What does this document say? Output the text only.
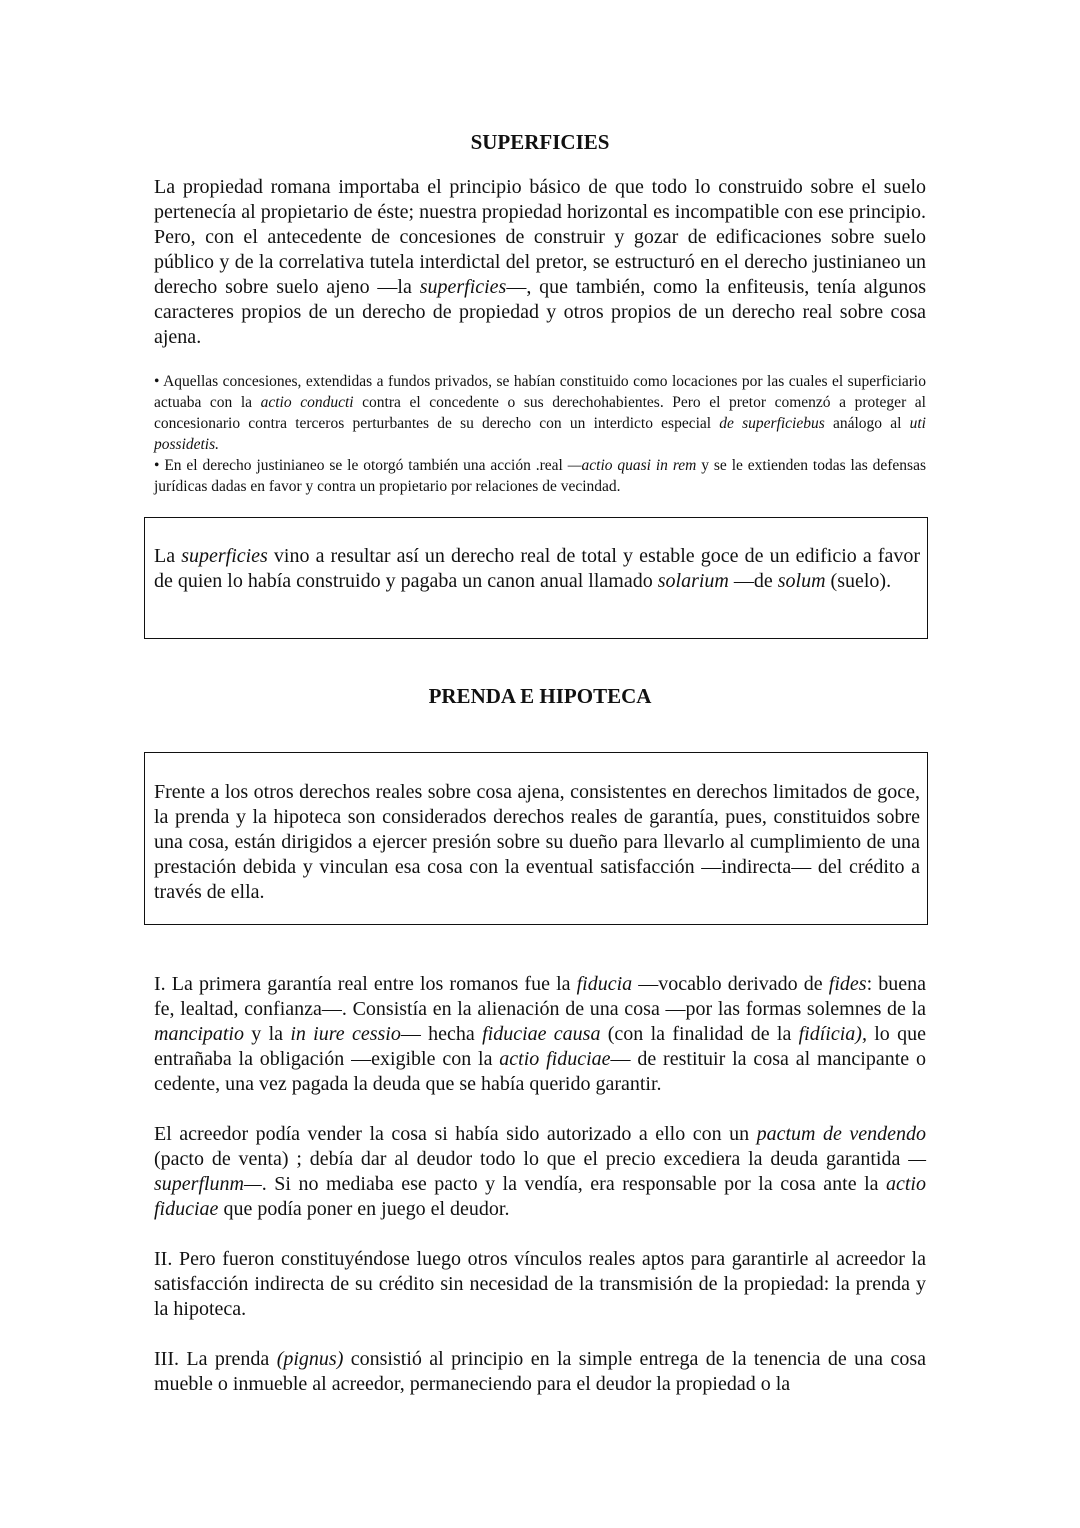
SUPERFICIES

La propiedad romana importaba el principio básico de que todo lo construido sobre el suelo pertenecía al propietario de éste; nuestra propiedad horizontal es incompatible con ese principio. Pero, con el antecedente de concesiones de construir y gozar de edificaciones sobre suelo público y de la correlativa tutela interdictal del pretor, se estructuró en el derecho justinianeo un derecho sobre suelo ajeno —la superficies—, que también, como la enfiteusis, tenía algunos caracteres propios de un derecho de propiedad y otros propios de un derecho real sobre cosa ajena.

• Aquellas concesiones, extendidas a fundos privados, se habían constituido como locaciones por las cuales el superficiario actuaba con la actio conducti contra el concedente o sus derechohabientes. Pero el pretor comenzó a proteger al concesionario contra terceros perturbantes de su derecho con un interdicto especial de superficiebus análogo al uti possidetis.

• En el derecho justinianeo se le otorgó también una acción .real —actio quasi in rem y se le extienden todas las defensas jurídicas dadas en favor y contra un propietario por relaciones de vecindad.

La superficies vino a resultar así un derecho real de total y estable goce de un edificio a favor de quien lo había construido y pagaba un canon anual llamado solarium —de solum (suelo).

PRENDA E HIPOTECA

Frente a los otros derechos reales sobre cosa ajena, consistentes en derechos limitados de goce, la prenda y la hipoteca son considerados derechos reales de garantía, pues, constituidos sobre una cosa, están dirigidos a ejercer presión sobre su dueño para llevarlo al cumplimiento de una prestación debida y vinculan esa cosa con la eventual satisfacción —indirecta— del crédito a través de ella.

I. La primera garantía real entre los romanos fue la fiducia —vocablo derivado de fides: buena fe, lealtad, confianza—. Consistía en la alienación de una cosa —por las formas solemnes de la mancipatio y la in iure cessio— hecha fiduciae causa (con la finalidad de la fidíicia), lo que entrañaba la obligación —exigible con la actio fiduciae— de restituir la cosa al mancipante o cedente, una vez pagada la deuda que se había querido garantir.

El acreedor podía vender la cosa si había sido autorizado a ello con un pactum de vendendo (pacto de venta) ; debía dar al deudor todo lo que el precio excediera la deuda garantida —superflunm—. Si no mediaba ese pacto y la vendía, era responsable por la cosa ante la actio fiduciae que podía poner en juego el deudor.

II. Pero fueron constituyéndose luego otros vínculos reales aptos para garantirle al acreedor la satisfacción indirecta de su crédito sin necesidad de la transmisión de la propiedad: la prenda y la hipoteca.

III. La prenda (pignus) consistió al principio en la simple entrega de la tenencia de una cosa mueble o inmueble al acreedor, permaneciendo para el deudor la propiedad o la
